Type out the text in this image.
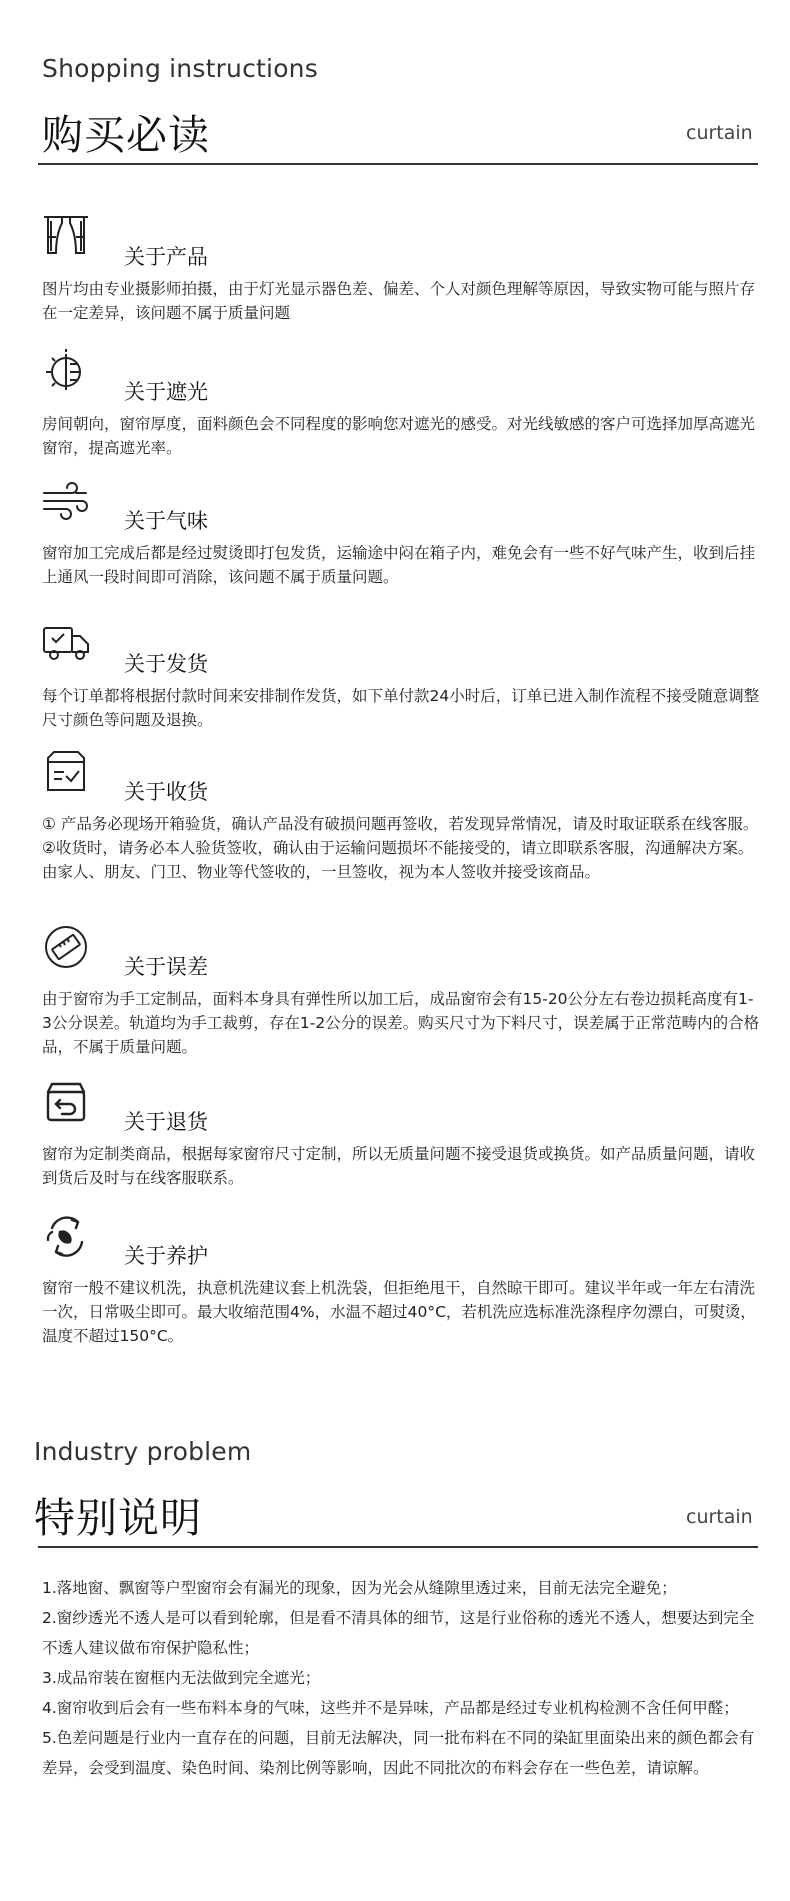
Shopping instructions
购买必读	curtain
关于产品

图片均由专业摄影师拍摄，由于灯光显示器色差、偏差、个人对颜色理解等原因，导致实物可能与照片存在一定差异，该问题不属于质量问题

关于遮光

房间朝向，窗帘厚度，面料颜色会不同程度的影响您对遮光的感受。对光线敏感的客户可选择加厚高遮光窗帘，提高遮光率。

关于气味

窗帘加工完成后都是经过熨烫即打包发货，运输途中闷在箱子内，难免会有一些不好气味产生，收到后挂上通风一段时间即可消除，该问题不属于质量问题。

关于发货

每个订单都将根据付款时间来安排制作发货，如下单付款24小时后，订单已进入制作流程不接受随意调整尺寸颜色等问题及退换。

关于收货

① 产品务必现场开箱验货，确认产品没有破损问题再签收，若发现异常情况，请及时取证联系在线客服。

②收货时，请务必本人验货签收，确认由于运输问题损坏不能接受的，请立即联系客服，沟通解决方案。由家人、朋友、门卫、物业等代签收的，一旦签收，视为本人签收并接受该商品。

关于误差

由于窗帘为手工定制品，面料本身具有弹性所以加工后，成品窗帘会有15-20公分左右卷边损耗高度有1-3公分误差。轨道均为手工裁剪，存在1-2公分的误差。购买尺寸为下料尺寸，误差属于正常范畴内的合格品，不属于质量问题。

关于退货

窗帘为定制类商品，根据每家窗帘尺寸定制，所以无质量问题不接受退货或换货。如产品质量问题，请收到货后及时与在线客服联系。

关于养护

窗帘一般不建议机洗，执意机洗建议套上机洗袋，但拒绝甩干，自然晾干即可。建议半年或一年左右清洗一次，日常吸尘即可。最大收缩范围4%，水温不超过40°C，若机洗应选标准洗涤程序勿漂白，可熨烫，温度不超过150°C。

Industry problem
特别说明	curtain

1.落地窗、飘窗等户型窗帘会有漏光的现象，因为光会从缝隙里透过来，目前无法完全避免；

2.窗纱透光不透人是可以看到轮廓，但是看不清具体的细节，这是行业俗称的透光不透人，想要达到完全不透人建议做布帘保护隐私性；

3.成品帘装在窗框内无法做到完全遮光；

4.窗帘收到后会有一些布料本身的气味，这些并不是异味，产品都是经过专业机构检测不含任何甲醛；

5.色差问题是行业内一直存在的问题，目前无法解决，同一批布料在不同的染缸里面染出来的颜色都会有差异，会受到温度、染色时间、染剂比例等影响，因此不同批次的布料会存在一些色差，请谅解。
